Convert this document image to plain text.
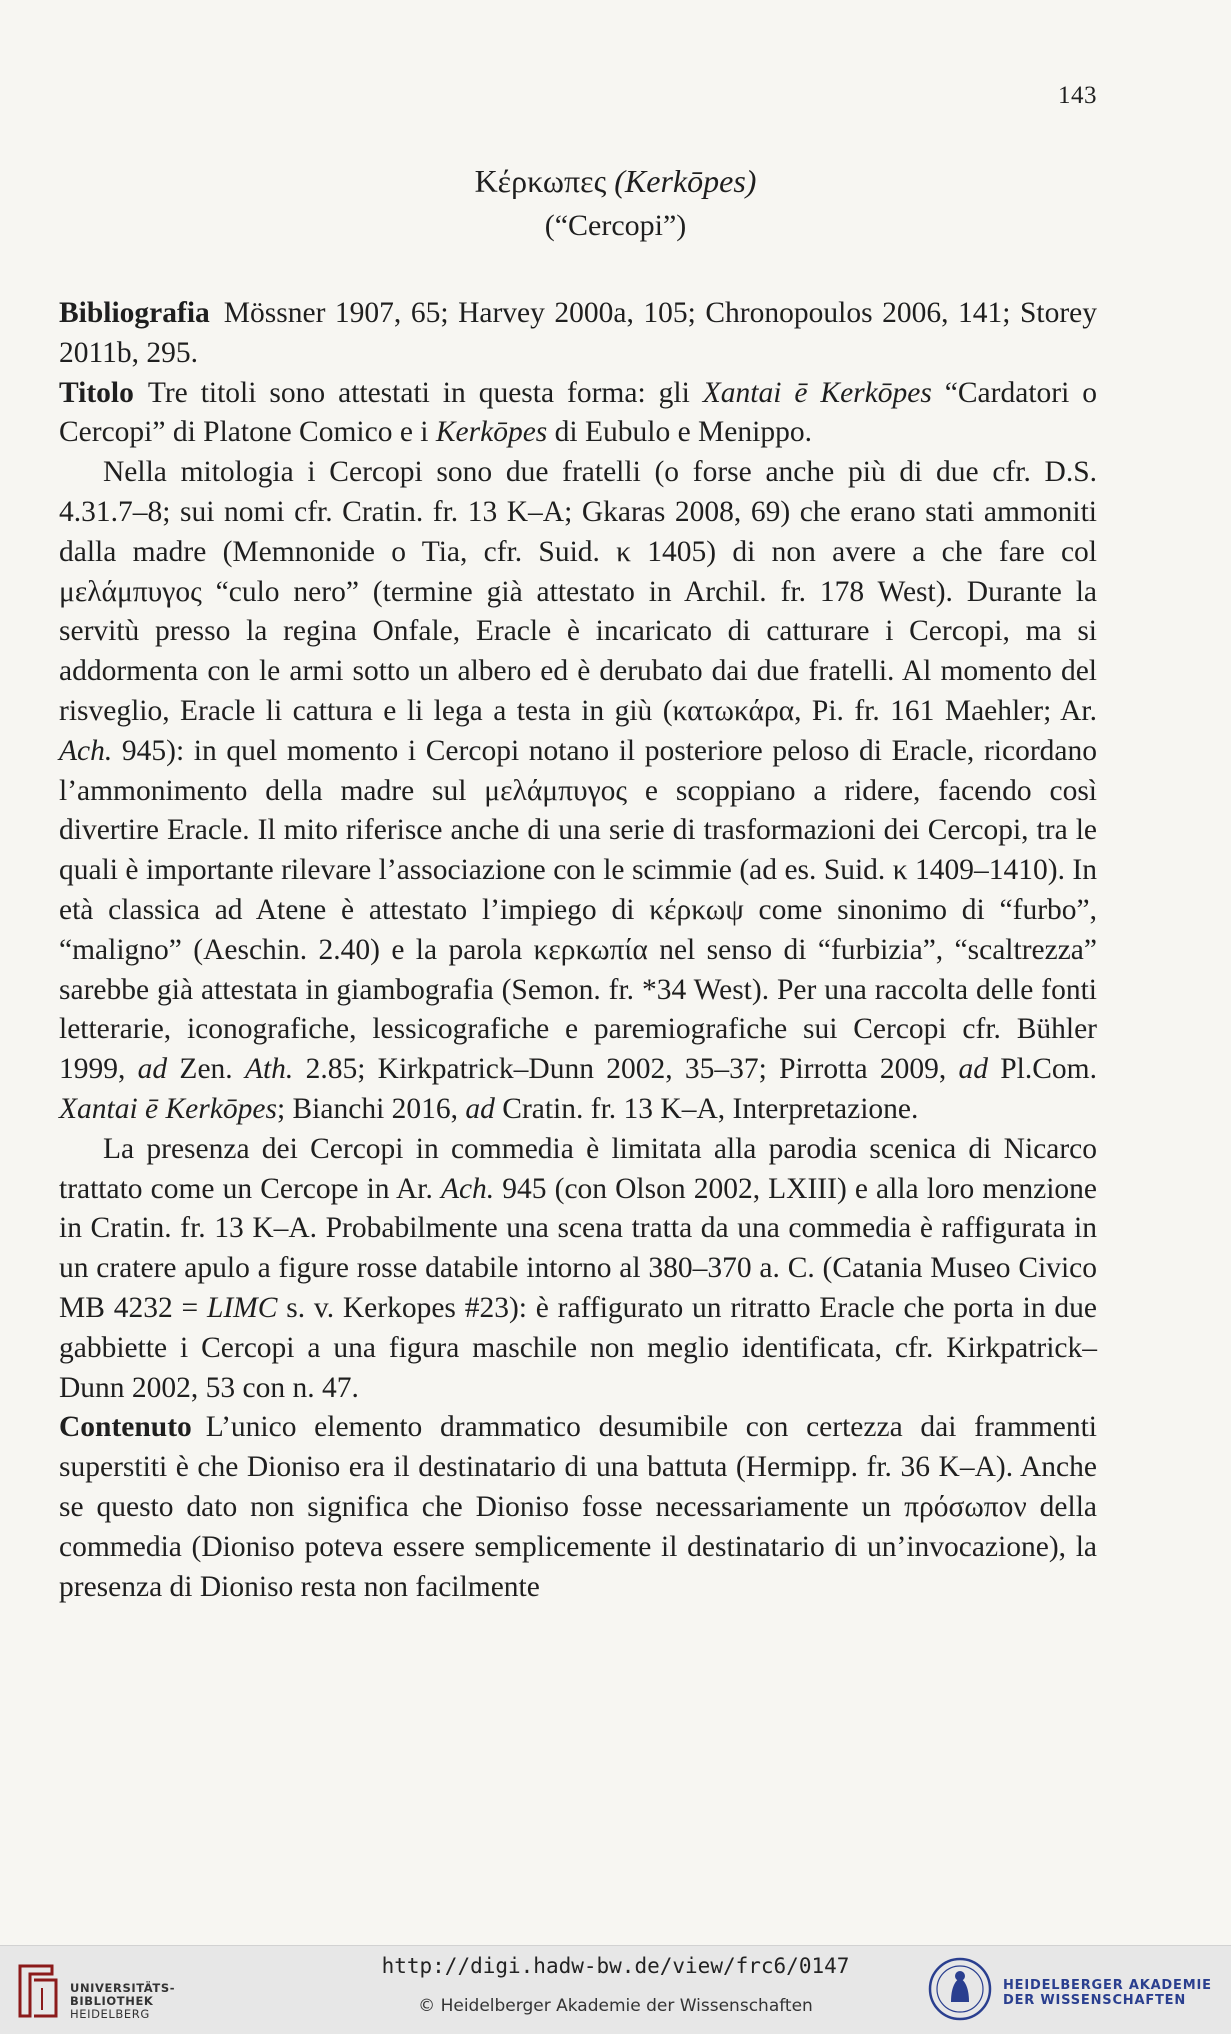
143
Κέρκωπες (Kerkōpes)
(“Cercopi”)

Bibliografia Mössner 1907, 65; Harvey 2000a, 105; Chronopoulos 2006, 141; Storey 2011b, 295.

Titolo Tre titoli sono attestati in questa forma: gli Xantai ē Kerkōpes “Cardatori o Cercopi” di Platone Comico e i Kerkōpes di Eubulo e Menippo.

Nella mitologia i Cercopi sono due fratelli (o forse anche più di due cfr. D.S. 4.31.7–8; sui nomi cfr. Cratin. fr. 13 K–A; Gkaras 2008, 69) che erano stati ammoniti dalla madre (Memnonide o Tia, cfr. Suid. κ 1405) di non avere a che fare col μελάμπυγος “culo nero” (termine già attestato in Archil. fr. 178 West). Durante la servitù presso la regina Onfale, Eracle è incaricato di catturare i Cercopi, ma si addormenta con le armi sotto un albero ed è derubato dai due fratelli. Al momento del risveglio, Eracle li cattura e li lega a testa in giù (κατωκάρα, Pi. fr. 161 Maehler; Ar. Ach. 945): in quel momento i Cercopi notano il posteriore peloso di Eracle, ricordano l’ammonimento della madre sul μελάμπυγος e scoppiano a ridere, facendo così divertire Eracle. Il mito riferisce anche di una serie di trasformazioni dei Cercopi, tra le quali è importante rilevare l’associazione con le scimmie (ad es. Suid. κ 1409–1410). In età classica ad Atene è attestato l’impiego di κέρκωψ come sinonimo di “furbo”, “maligno” (Aeschin. 2.40) e la parola κερκωπία nel senso di “furbizia”, “scaltrezza” sarebbe già attestata in giambografia (Semon. fr. *34 West). Per una raccolta delle fonti letterarie, iconografiche, lessicografiche e paremiografiche sui Cercopi cfr. Bühler 1999, ad Zen. Ath. 2.85; Kirkpatrick–Dunn 2002, 35–37; Pirrotta 2009, ad Pl.Com. Xantai ē Kerkōpes; Bianchi 2016, ad Cratin. fr. 13 K–A, Interpretazione.

La presenza dei Cercopi in commedia è limitata alla parodia scenica di Nicarco trattato come un Cercope in Ar. Ach. 945 (con Olson 2002, LXIII) e alla loro menzione in Cratin. fr. 13 K–A. Probabilmente una scena tratta da una commedia è raffigurata in un cratere apulo a figure rosse databile intorno al 380–370 a. C. (Catania Museo Civico MB 4232 = LIMC s. v. Kerkopes #23): è raffigurato un ritratto Eracle che porta in due gabbiette i Cercopi a una figura maschile non meglio identificata, cfr. Kirkpatrick–Dunn 2002, 53 con n. 47.

Contenuto L’unico elemento drammatico desumibile con certezza dai frammenti superstiti è che Dioniso era il destinatario di una battuta (Hermipp. fr. 36 K–A). Anche se questo dato non significa che Dioniso fosse necessariamente un πρόσωπον della commedia (Dioniso poteva essere semplicemente il destinatario di un’invocazione), la presenza di Dioniso resta non facilmente

UNIVERSITÄTS-
BIBLIOTHEK
HEIDELBERG
http://digi.hadw-bw.de/view/frc6/0147
© Heidelberger Akademie der Wissenschaften
HEIDELBERGER AKADEMIE
DER WISSENSCHAFTEN
